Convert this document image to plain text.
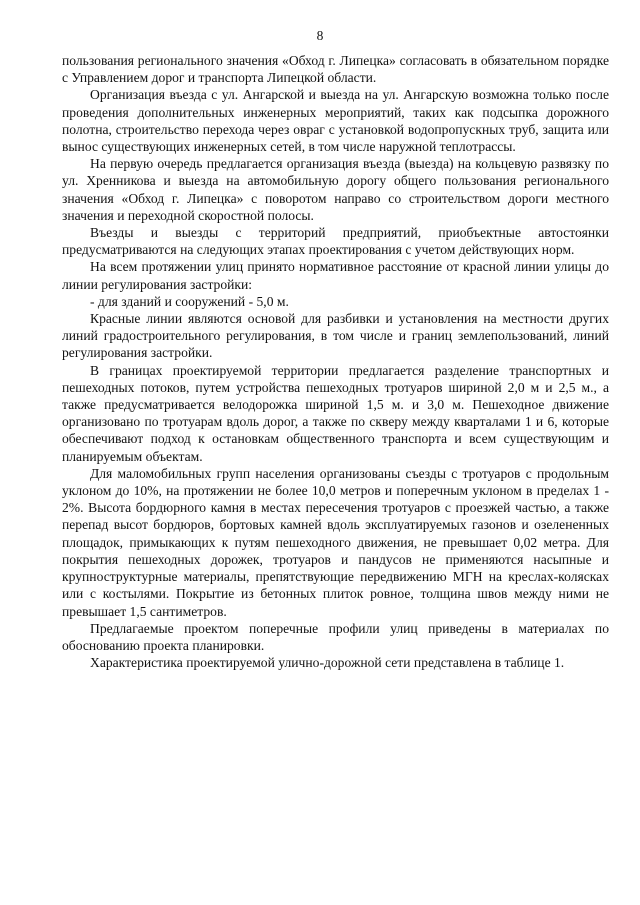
8

пользования регионального значения «Обход г. Липецка» согласовать в обязательном порядке с Управлением дорог и транспорта Липецкой области.

Организация въезда с ул. Ангарской и выезда на ул. Ангарскую возможна только после проведения дополнительных инженерных мероприятий, таких как подсыпка дорожного полотна, строительство перехода через овраг с установкой водопропускных труб, защита или вынос существующих инженерных сетей, в том числе наружной теплотрассы.

На первую очередь предлагается организация въезда (выезда) на кольцевую развязку по ул. Хренникова и выезда на автомобильную дорогу общего пользования регионального значения «Обход г. Липецка» с поворотом направо со строительством дороги местного значения и переходной скоростной полосы.

Въезды и выезды с территорий предприятий, приобъектные автостоянки предусматриваются на следующих этапах проектирования с учетом действующих норм.

На всем протяжении улиц принято нормативное расстояние от красной линии улицы до линии регулирования застройки:

- для зданий и сооружений - 5,0 м.

Красные линии являются основой для разбивки и установления на местности других линий градостроительного регулирования, в том числе и границ землепользований, линий регулирования застройки.

В границах проектируемой территории предлагается разделение транспортных и пешеходных потоков, путем устройства пешеходных тротуаров шириной 2,0 м и 2,5 м., а также предусматривается велодорожка шириной 1,5 м. и 3,0 м. Пешеходное движение организовано по тротуарам вдоль дорог, а также по скверу между кварталами 1 и 6, которые обеспечивают подход к остановкам общественного транспорта и всем существующим и планируемым объектам.

Для маломобильных групп населения организованы съезды с тротуаров с продольным уклоном до 10%, на протяжении не более 10,0 метров и поперечным уклоном в пределах 1 - 2%. Высота бордюрного камня в местах пересечения тротуаров с проезжей частью, а также перепад высот бордюров, бортовых камней вдоль эксплуатируемых газонов и озелененных площадок, примыкающих к путям пешеходного движения, не превышает 0,02 метра. Для покрытия пешеходных дорожек, тротуаров и пандусов не применяются насыпные и крупноструктурные материалы, препятствующие передвижению МГН на креслах-колясках или с костылями. Покрытие из бетонных плиток ровное, толщина швов между ними не превышает 1,5 сантиметров.

Предлагаемые проектом поперечные профили улиц приведены в материалах по обоснованию проекта планировки.

Характеристика проектируемой улично-дорожной сети представлена в таблице 1.
